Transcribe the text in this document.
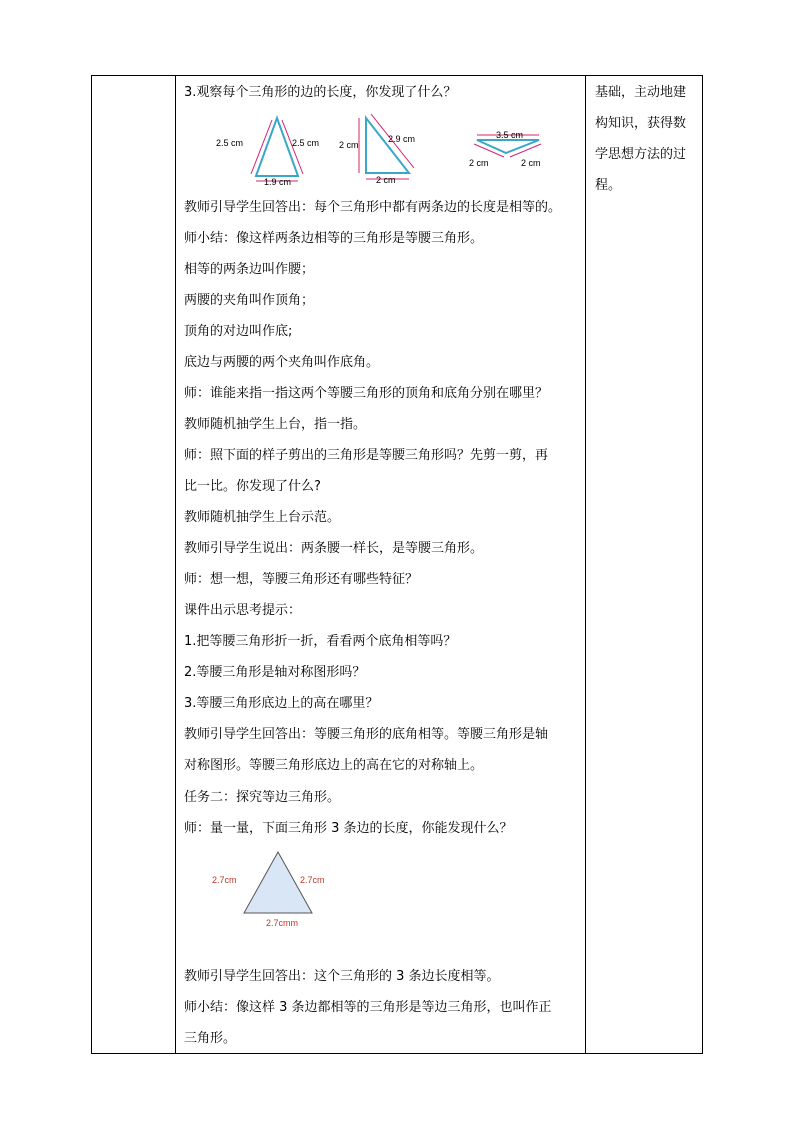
3.观察每个三角形的边的长度，你发现了什么？
2.5 cm	2.5 cm
1.9 cm
2 cm
2.9 cm
2 cm
3.5 cm
2 cm	2 cm
教师引导学生回答出：每个三角形中都有两条边的长度是相等的。
师小结：像这样两条边相等的三角形是等腰三角形。
相等的两条边叫作腰；
两腰的夹角叫作顶角；
顶角的对边叫作底;
底边与两腰的两个夹角叫作底角。
师：谁能来指一指这两个等腰三角形的顶角和底角分别在哪里？
教师随机抽学生上台，指一指。
师：照下面的样子剪出的三角形是等腰三角形吗？先剪一剪，再
比一比。你发现了什么?
教师随机抽学生上台示范。
教师引导学生说出：两条腰一样长，是等腰三角形。
师：想一想，等腰三角形还有哪些特征？
课件出示思考提示：
1.把等腰三角形折一折，看看两个底角相等吗？
2.等腰三角形是轴对称图形吗？
3.等腰三角形底边上的高在哪里？
教师引导学生回答出：等腰三角形的底角相等。等腰三角形是轴
对称图形。等腰三角形底边上的高在它的对称轴上。
任务二：探究等边三角形。
师：量一量，下面三角形 3 条边的长度，你能发现什么？
2.7cm	2.7cm
2.7cmm
教师引导学生回答出：这个三角形的 3 条边长度相等。
师小结：像这样 3 条边都相等的三角形是等边三角形，也叫作正
三角形。
基础，主动地建
构知识，获得数
学思想方法的过
程。
